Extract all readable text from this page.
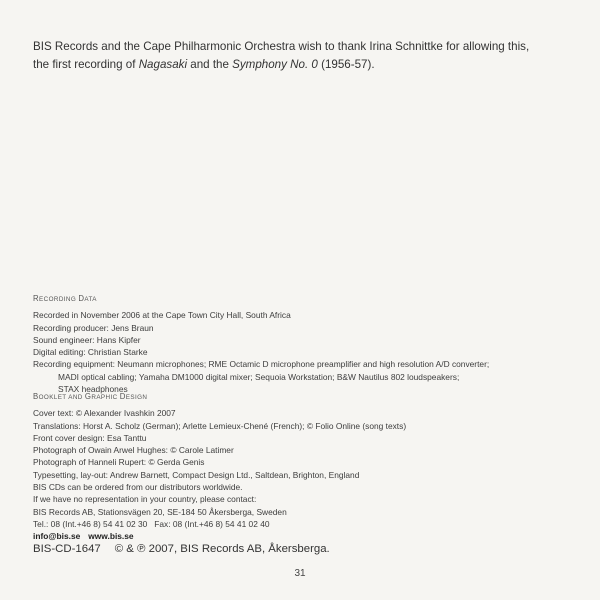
BIS Records and the Cape Philharmonic Orchestra wish to thank Irina Schnittke for allowing this,

the first recording of Nagasaki and the Symphony No. 0 (1956-57).

RECORDING DATA
Recorded in November 2006 at the Cape Town City Hall, South Africa
Recording producer: Jens Braun
Sound engineer: Hans Kipfer
Digital editing: Christian Starke
Recording equipment: Neumann microphones; RME Octamic D microphone preamplifier and high resolution A/D converter;
MADI optical cabling; Yamaha DM1000 digital mixer; Sequoia Workstation; B&W Nautilus 802 loudspeakers;
STAX headphones
BOOKLET AND GRAPHIC DESIGN
Cover text: © Alexander Ivashkin 2007
Translations: Horst A. Scholz (German); Arlette Lemieux-Chené (French); © Folio Online (song texts)
Front cover design: Esa Tanttu
Photograph of Owain Arwel Hughes: © Carole Latimer
Photograph of Hanneli Rupert: © Gerda Genis
Typesetting, lay-out: Andrew Barnett, Compact Design Ltd., Saltdean, Brighton, England
BIS CDs can be ordered from our distributors worldwide.
If we have no representation in your country, please contact:
BIS Records AB, Stationsvägen 20, SE-184 50 Åkersberga, Sweden
Tel.: 08 (Int.+46 8) 54 41 02 30   Fax: 08 (Int.+46 8) 54 41 02 40
info@bis.se www.bis.se
BIS-CD-1647 © & ℗ 2007, BIS Records AB, Åkersberga.
31
